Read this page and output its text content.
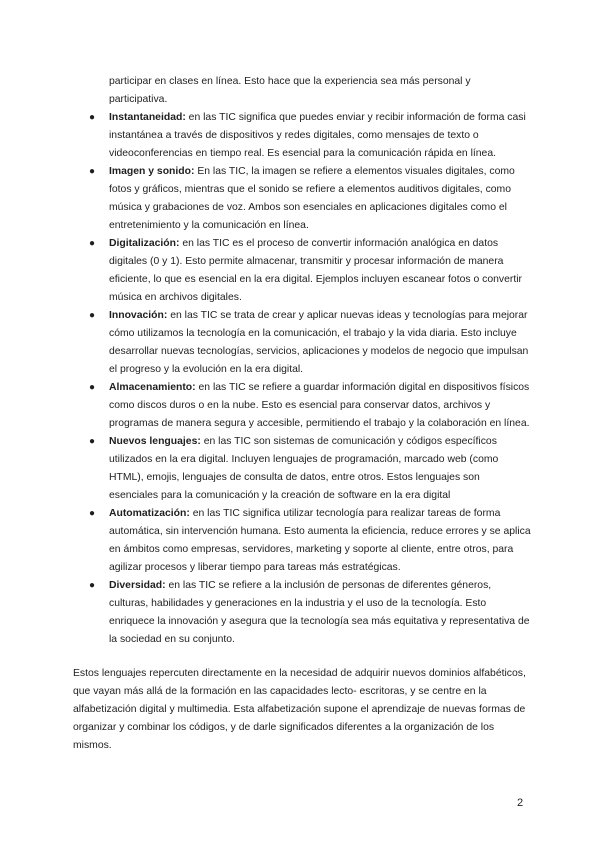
participar en clases en línea. Esto hace que la experiencia sea más personal y participativa.

● Instantaneidad: en las TIC significa que puedes enviar y recibir información de forma casi instantánea a través de dispositivos y redes digitales, como mensajes de texto o videoconferencias en tiempo real. Es esencial para la comunicación rápida en línea.
● Imagen y sonido: En las TIC, la imagen se refiere a elementos visuales digitales, como fotos y gráficos, mientras que el sonido se refiere a elementos auditivos digitales, como música y grabaciones de voz. Ambos son esenciales en aplicaciones digitales como el entretenimiento y la comunicación en línea.
● Digitalización: en las TIC es el proceso de convertir información analógica en datos digitales (0 y 1). Esto permite almacenar, transmitir y procesar información de manera eficiente, lo que es esencial en la era digital. Ejemplos incluyen escanear fotos o convertir música en archivos digitales.
● Innovación: en las TIC se trata de crear y aplicar nuevas ideas y tecnologías para mejorar cómo utilizamos la tecnología en la comunicación, el trabajo y la vida diaria. Esto incluye desarrollar nuevas tecnologías, servicios, aplicaciones y modelos de negocio que impulsan el progreso y la evolución en la era digital.
● Almacenamiento: en las TIC se refiere a guardar información digital en dispositivos físicos como discos duros o en la nube. Esto es esencial para conservar datos, archivos y programas de manera segura y accesible, permitiendo el trabajo y la colaboración en línea.
● Nuevos lenguajes: en las TIC son sistemas de comunicación y códigos específicos utilizados en la era digital. Incluyen lenguajes de programación, marcado web (como HTML), emojis, lenguajes de consulta de datos, entre otros. Estos lenguajes son esenciales para la comunicación y la creación de software en la era digital
● Automatización: en las TIC significa utilizar tecnología para realizar tareas de forma automática, sin intervención humana. Esto aumenta la eficiencia, reduce errores y se aplica en ámbitos como empresas, servidores, marketing y soporte al cliente, entre otros, para agilizar procesos y liberar tiempo para tareas más estratégicas.
● Diversidad: en las TIC se refiere a la inclusión de personas de diferentes géneros, culturas, habilidades y generaciones en la industria y el uso de la tecnología. Esto enriquece la innovación y asegura que la tecnología sea más equitativa y representativa de la sociedad en su conjunto.

Estos lenguajes repercuten directamente en la necesidad de adquirir nuevos dominios alfabéticos, que vayan más allá de la formación en las capacidades lecto- escritoras, y se centre en la alfabetización digital y multimedia. Esta alfabetización supone el aprendizaje de nuevas formas de organizar y combinar los códigos, y de darle significados diferentes a la organización de los mismos.

2
